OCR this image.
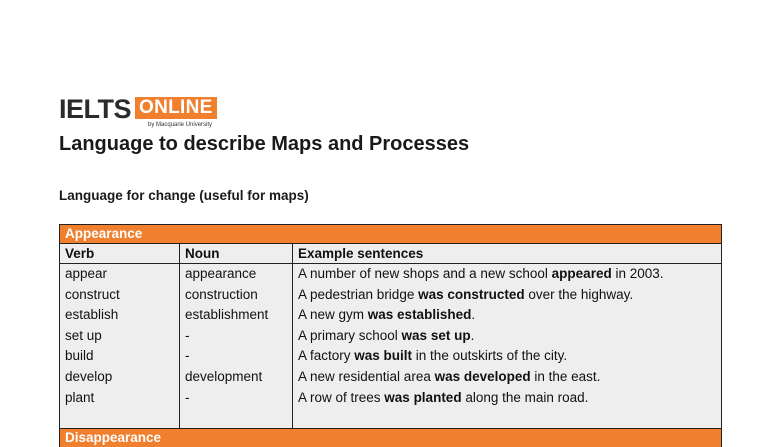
IELTS ONLINE
by Macquarie University
Language to describe Maps and Processes
Language for change (useful for maps)
Appearance
Verb
appear
construct
establish
set up
build
develop
plant
Noun
appearance
construction
establishment
-
-
development
-
Example sentences
A number of new shops and a new school appeared in 2003.
A pedestrian bridge was constructed over the highway.
A new gym was established.
A primary school was set up.
A factory was built in the outskirts of the city.
A new residential area was developed in the east.
A row of trees was planted along the main road.
Disappearance
